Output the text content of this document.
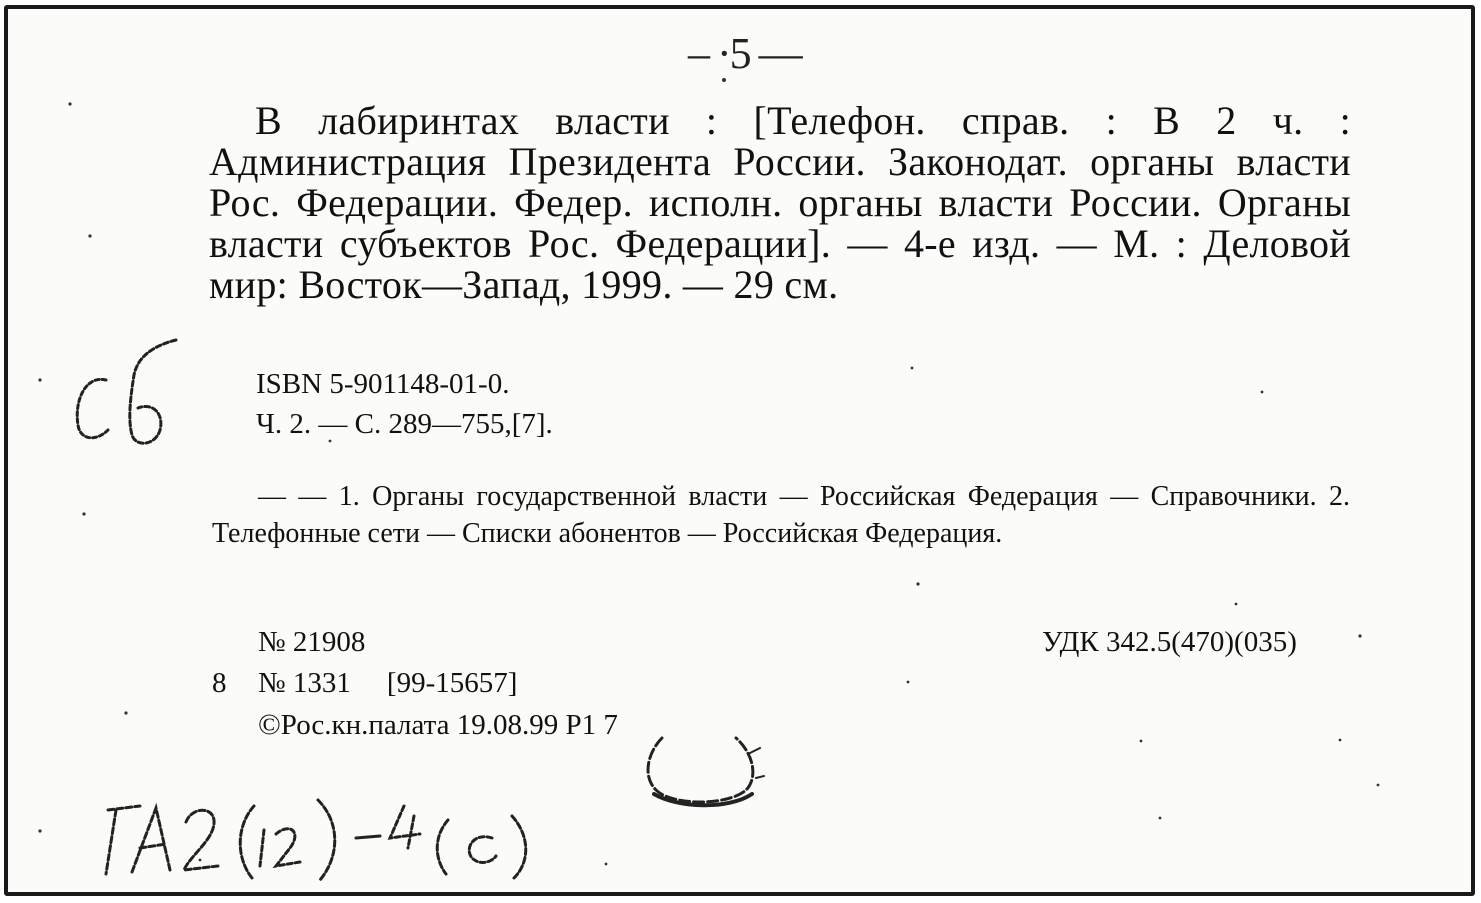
– ·5 —
В лабиринтах власти : [Телефон. справ. : В 2 ч. : Администрация Президента России. Законодат. органы власти Рос. Федерации. Федер. исполн. органы власти России. Органы власти субъектов Рос. Федерации]. — 4-е изд. — М. : Деловой мир: Восток—Запад, 1999. — 29 см.
ISBN 5-901148-01-0.
Ч. 2. — С. 289—755,[7].
— — 1. Органы государственной власти — Российская Федерация — Справочники. 2. Телефонные сети — Списки абонентов — Российская Федерация.
№ 21908
8 № 1331 [99-15657]
©Рос.кн.палата 19.08.99 Р1 7
УДК 342.5(470)(035)
